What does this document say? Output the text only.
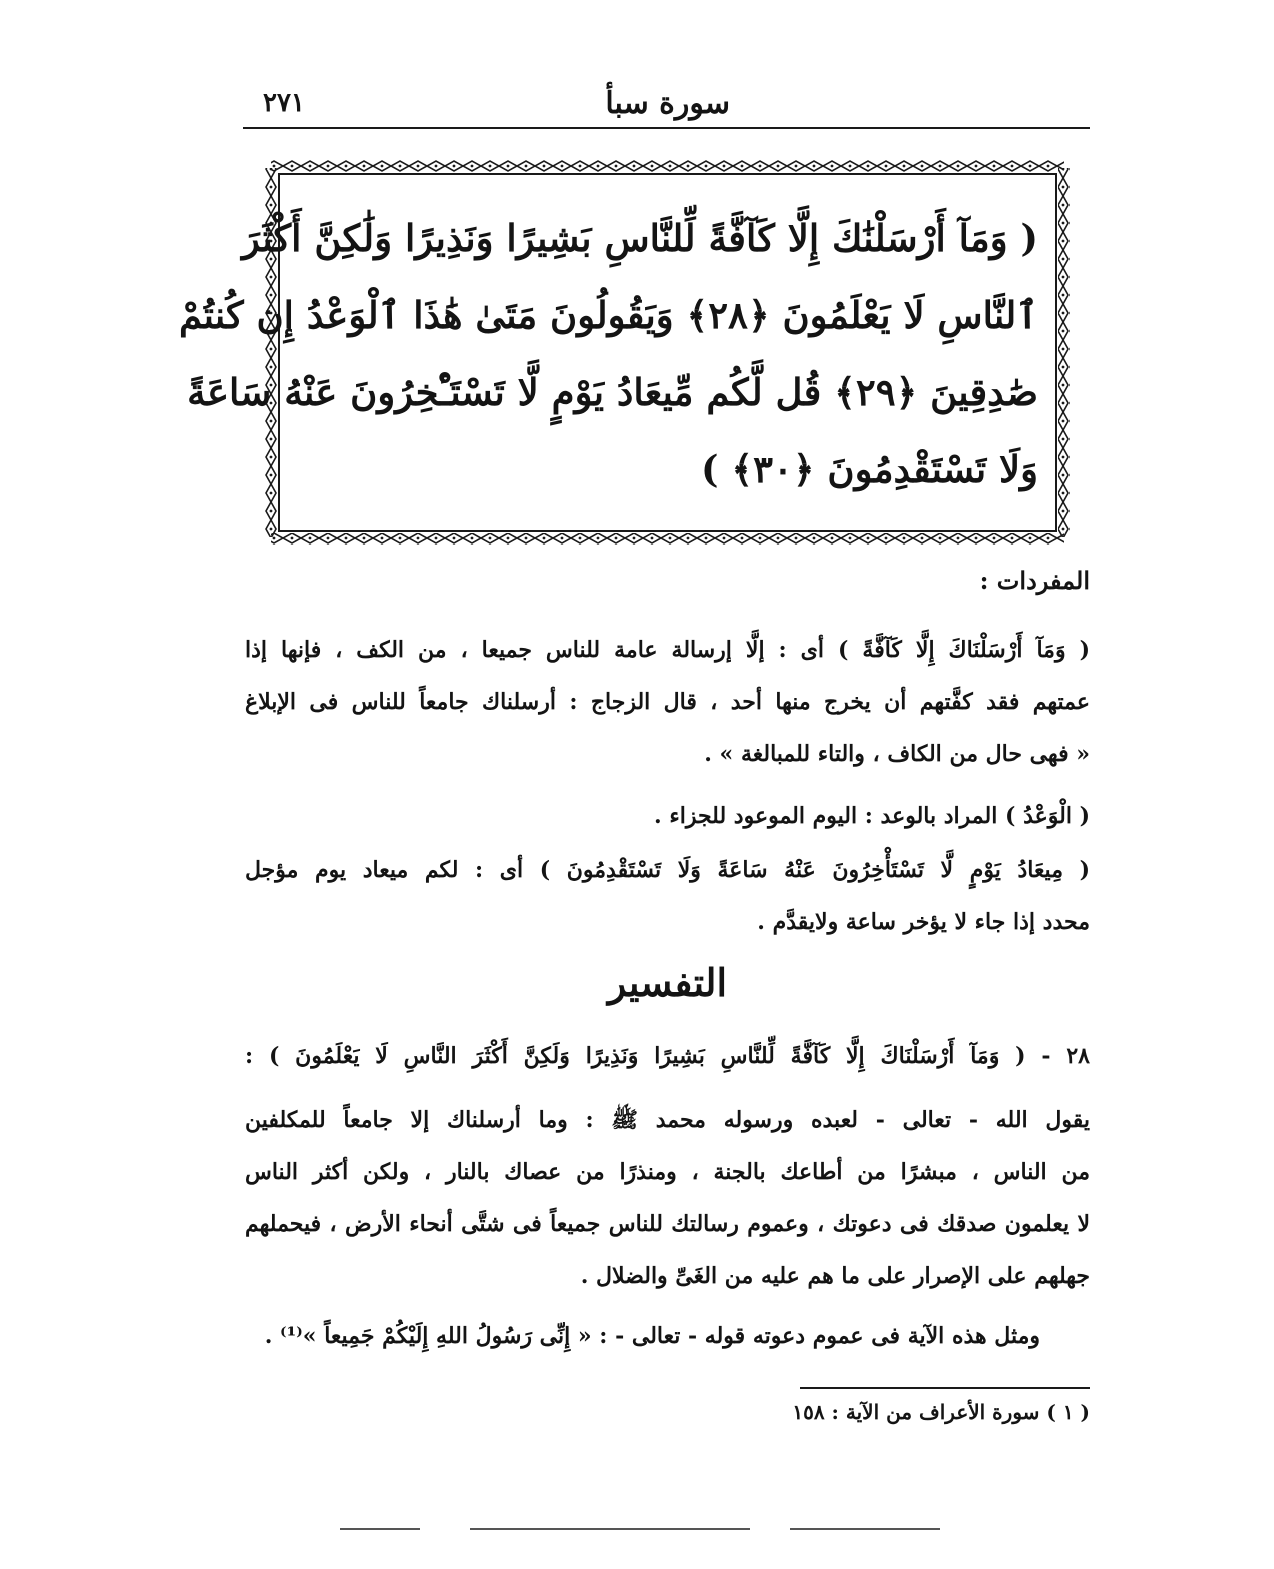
سورة سبأ
٢٧١
( وَمَآ أَرْسَلْنَٰكَ إِلَّا كَآفَّةً لِّلنَّاسِ بَشِيرًا وَنَذِيرًا وَلَٰكِنَّ أَكْثَرَ
ٱلنَّاسِ لَا يَعْلَمُونَ ﴿٢٨﴾ وَيَقُولُونَ مَتَىٰ هَٰذَا ٱلْوَعْدُ إِن كُنتُمْ
صَٰدِقِينَ ﴿٢٩﴾ قُل لَّكُم مِّيعَادُ يَوْمٍ لَّا تَسْتَـْٔخِرُونَ عَنْهُ سَاعَةً
وَلَا تَسْتَقْدِمُونَ ﴿٣٠﴾ )
المفردات :
( وَمَآ أَرْسَلْنَاكَ إِلَّا كَآفَّةً ) أى : إلَّا إرسالة عامة للناس جميعا ، من الكف ، فإنها إذا
عمتهم فقد كفَّتهم أن يخرج منها أحد ، قال الزجاج : أرسلناك جامعاً للناس فى الإبلاغ
« فهى حال من الكاف ، والتاء للمبالغة » .
( الْوَعْدُ ) المراد بالوعد : اليوم الموعود للجزاء .
( مِيعَادُ يَوْمٍ لَّا تَسْتَأْخِرُونَ عَنْهُ سَاعَةً وَلَا تَسْتَقْدِمُونَ ) أى : لكم ميعاد يوم مؤجل
محدد إذا جاء لا يؤخر ساعة ولايقدَّم .
التفسير
٢٨ - ( وَمَآ أَرْسَلْنَاكَ إِلَّا كَآفَّةً لِّلنَّاسِ بَشِيرًا وَنَذِيرًا وَلَكِنَّ أَكْثَرَ النَّاسِ لَا يَعْلَمُونَ ) :
يقول الله - تعالى - لعبده ورسوله محمد ﷺ : وما أرسلناك إلا جامعاً للمكلفين
من الناس ، مبشرًا من أطاعك بالجنة ، ومنذرًا من عصاك بالنار ، ولكن أكثر الناس
لا يعلمون صدقك فى دعوتك ، وعموم رسالتك للناس جميعاً فى شتَّى أنحاء الأرض ، فيحملهم
جهلهم على الإصرار على ما هم عليه من الغَىِّ والضلال .
ومثل هذه الآية فى عموم دعوته قوله - تعالى - : « إِنِّى رَسُولُ اللهِ إِلَيْكُمْ جَمِيعاً »⁽¹⁾ .
( ١ ) سورة الأعراف من الآية : ١٥٨
